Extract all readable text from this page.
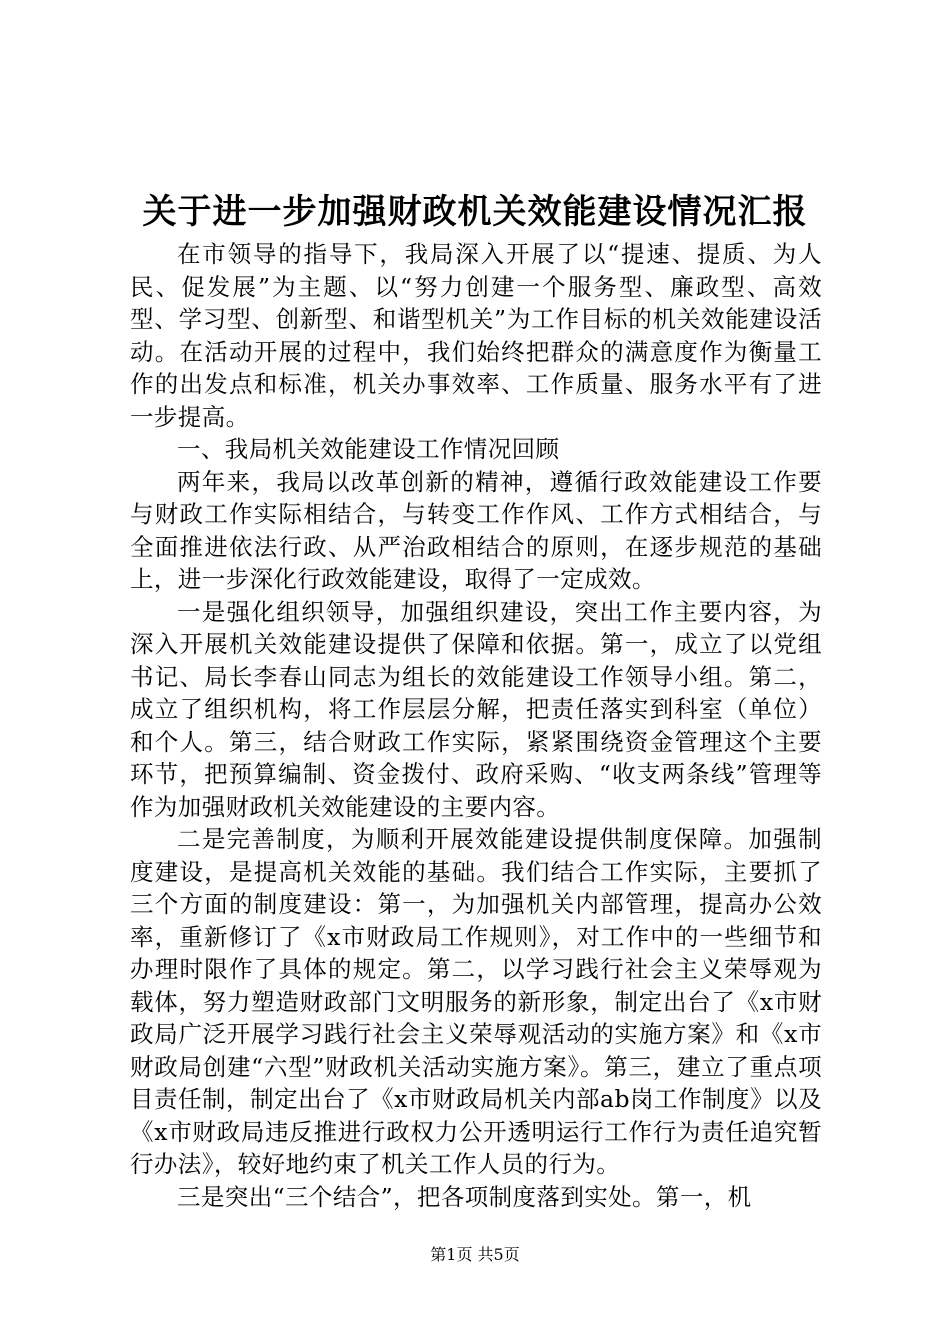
关于进一步加强财政机关效能建设情况汇报

在市领导的指导下，我局深入开展了以“提速、提质、为人民、促发展”为主题、以“努力创建一个服务型、廉政型、高效型、学习型、创新型、和谐型机关”为工作目标的机关效能建设活动。在活动开展的过程中，我们始终把群众的满意度作为衡量工作的出发点和标准，机关办事效率、工作质量、服务水平有了进一步提高。

一、我局机关效能建设工作情况回顾

两年来，我局以改革创新的精神，遵循行政效能建设工作要与财政工作实际相结合，与转变工作作风、工作方式相结合，与全面推进依法行政、从严治政相结合的原则，在逐步规范的基础上，进一步深化行政效能建设，取得了一定成效。

一是强化组织领导，加强组织建设，突出工作主要内容，为深入开展机关效能建设提供了保障和依据。第一，成立了以党组书记、局长李春山同志为组长的效能建设工作领导小组。第二，成立了组织机构，将工作层层分解，把责任落实到科室（单位）和个人。第三，结合财政工作实际，紧紧围绕资金管理这个主要环节，把预算编制、资金拨付、政府采购、“收支两条线”管理等作为加强财政机关效能建设的主要内容。

二是完善制度，为顺利开展效能建设提供制度保障。加强制度建设，是提高机关效能的基础。我们结合工作实际，主要抓了三个方面的制度建设：第一，为加强机关内部管理，提高办公效率，重新修订了《x市财政局工作规则》，对工作中的一些细节和办理时限作了具体的规定。第二，以学习践行社会主义荣辱观为载体，努力塑造财政部门文明服务的新形象，制定出台了《x市财政局广泛开展学习践行社会主义荣辱观活动的实施方案》和《x市财政局创建“六型”财政机关活动实施方案》。第三，建立了重点项目责任制，制定出台了《x市财政局机关内部ab岗工作制度》以及《x市财政局违反推进行政权力公开透明运行工作行为责任追究暂行办法》，较好地约束了机关工作人员的行为。

三是突出“三个结合”，把各项制度落到实处。第一，机

第1页 共5页
